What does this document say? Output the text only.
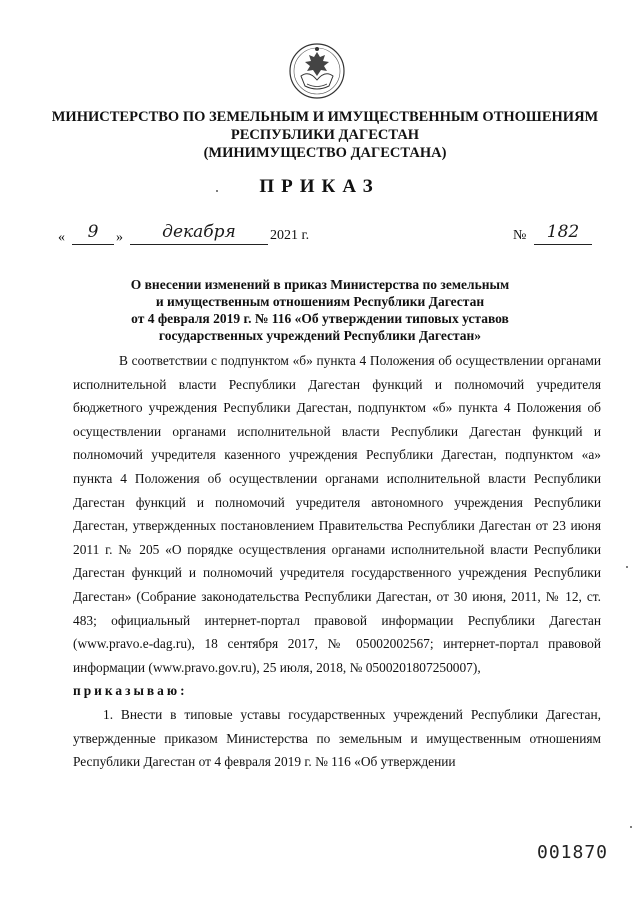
МИНИСТЕРСТВО ПО ЗЕМЕЛЬНЫМ И ИМУЩЕСТВЕННЫМ ОТНОШЕНИЯМ
РЕСПУБЛИКИ ДАГЕСТАН
(МИНИМУЩЕСТВО ДАГЕСТАНА)
ПРИКАЗ
«	9	»	декабря	2021 г.	№	182
О внесении изменений в приказ Министерства по земельным
и имущественным отношениям Республики Дагестан
от 4 февраля 2019 г. № 116 «Об утверждении типовых уставов
государственных учреждений Республики Дагестан»

В соответствии с подпунктом «б» пункта 4 Положения об осуществлении органами исполнительной власти Республики Дагестан функций и полномочий учредителя бюджетного учреждения Республики Дагестан, подпунктом «б» пункта 4 Положения об осуществлении органами исполнительной власти Республики Дагестан функций и полномочий учредителя казенного учреждения Республики Дагестан, подпунктом «а» пункта 4 Положения об осуществлении органами исполнительной власти Республики Дагестан функций и полномочий учредителя автономного учреждения Республики Дагестан, утвержденных постановлением Правительства Республики Дагестан от 23 июня 2011 г. № 205 «О порядке осуществления органами исполнительной власти Республики Дагестан функций и полномочий учредителя государственного учреждения Республики Дагестан» (Собрание законодательства Республики Дагестан, от 30 июня, 2011, № 12, ст. 483; официальный интернет-портал правовой информации Республики Дагестан (www.pravo.e-dag.ru), 18 сентября 2017, № 05002002567; интернет-портал правовой информации (www.pravo.gov.ru), 25 июля, 2018, № 0500201807250007),

приказываю:

1. Внести в типовые уставы государственных учреждений Республики Дагестан, утвержденные приказом Министерства по земельным и имущественным отношениям Республики Дагестан от 4 февраля 2019 г. № 116 «Об утверждении

001870
